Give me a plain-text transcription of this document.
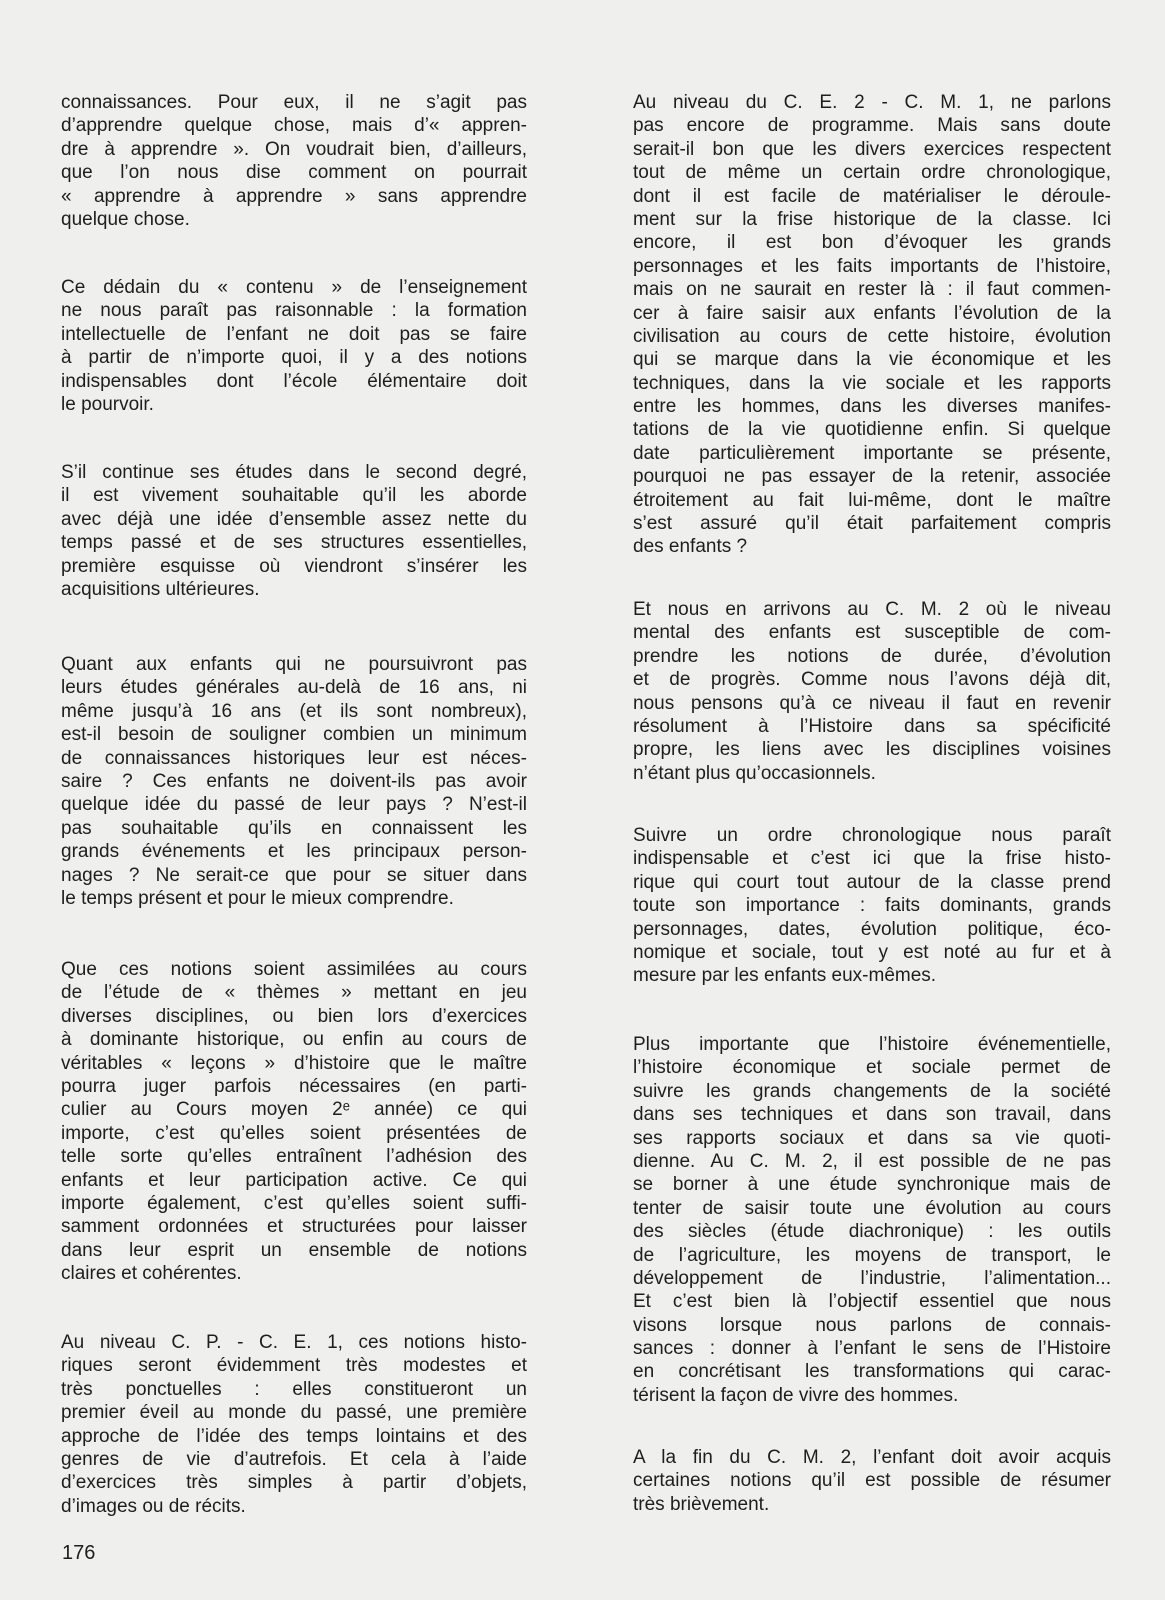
connaissances. Pour eux, il ne s’agit pas
d’apprendre quelque chose, mais d’« appren-
dre à apprendre ». On voudrait bien, d’ailleurs,
que l’on nous dise comment on pourrait
« apprendre à apprendre » sans apprendre
quelque chose.
Ce dédain du « contenu » de l’enseignement
ne nous paraît pas raisonnable : la formation
intellectuelle de l’enfant ne doit pas se faire
à partir de n’importe quoi, il y a des notions
indispensables dont l’école élémentaire doit
le pourvoir.
S’il continue ses études dans le second degré,
il est vivement souhaitable qu’il les aborde
avec déjà une idée d’ensemble assez nette du
temps passé et de ses structures essentielles,
première esquisse où viendront s’insérer les
acquisitions ultérieures.
Quant aux enfants qui ne poursuivront pas
leurs études générales au-delà de 16 ans, ni
même jusqu’à 16 ans (et ils sont nombreux),
est-il besoin de souligner combien un minimum
de connaissances historiques leur est néces-
saire ? Ces enfants ne doivent-ils pas avoir
quelque idée du passé de leur pays ? N’est-il
pas souhaitable qu’ils en connaissent les
grands événements et les principaux person-
nages ? Ne serait-ce que pour se situer dans
le temps présent et pour le mieux comprendre.
Que ces notions soient assimilées au cours
de l’étude de « thèmes » mettant en jeu
diverses disciplines, ou bien lors d’exercices
à dominante historique, ou enfin au cours de
véritables « leçons » d’histoire que le maître
pourra juger parfois nécessaires (en parti-
culier au Cours moyen 2ᵉ année) ce qui
importe, c’est qu’elles soient présentées de
telle sorte qu’elles entraînent l’adhésion des
enfants et leur participation active. Ce qui
importe également, c’est qu’elles soient suffi-
samment ordonnées et structurées pour laisser
dans leur esprit un ensemble de notions
claires et cohérentes.
Au niveau C. P. - C. E. 1, ces notions histo-
riques seront évidemment très modestes et
très ponctuelles : elles constitueront un
premier éveil au monde du passé, une première
approche de l’idée des temps lointains et des
genres de vie d’autrefois. Et cela à l’aide
d’exercices très simples à partir d’objets,
d’images ou de récits.
Au niveau du C. E. 2 - C. M. 1, ne parlons
pas encore de programme. Mais sans doute
serait-il bon que les divers exercices respectent
tout de même un certain ordre chronologique,
dont il est facile de matérialiser le déroule-
ment sur la frise historique de la classe. Ici
encore, il est bon d’évoquer les grands
personnages et les faits importants de l’histoire,
mais on ne saurait en rester là : il faut commen-
cer à faire saisir aux enfants l’évolution de la
civilisation au cours de cette histoire, évolution
qui se marque dans la vie économique et les
techniques, dans la vie sociale et les rapports
entre les hommes, dans les diverses manifes-
tations de la vie quotidienne enfin. Si quelque
date particulièrement importante se présente,
pourquoi ne pas essayer de la retenir, associée
étroitement au fait lui-même, dont le maître
s’est assuré qu’il était parfaitement compris
des enfants ?
Et nous en arrivons au C. M. 2 où le niveau
mental des enfants est susceptible de com-
prendre les notions de durée, d’évolution
et de progrès. Comme nous l’avons déjà dit,
nous pensons qu’à ce niveau il faut en revenir
résolument à l’Histoire dans sa spécificité
propre, les liens avec les disciplines voisines
n’étant plus qu’occasionnels.
Suivre un ordre chronologique nous paraît
indispensable et c’est ici que la frise histo-
rique qui court tout autour de la classe prend
toute son importance : faits dominants, grands
personnages, dates, évolution politique, éco-
nomique et sociale, tout y est noté au fur et à
mesure par les enfants eux-mêmes.
Plus importante que l’histoire événementielle,
l’histoire économique et sociale permet de
suivre les grands changements de la société
dans ses techniques et dans son travail, dans
ses rapports sociaux et dans sa vie quoti-
dienne. Au C. M. 2, il est possible de ne pas
se borner à une étude synchronique mais de
tenter de saisir toute une évolution au cours
des siècles (étude diachronique) : les outils
de l’agriculture, les moyens de transport, le
développement de l’industrie, l’alimentation...
Et c’est bien là l’objectif essentiel que nous
visons lorsque nous parlons de connais-
sances : donner à l’enfant le sens de l’Histoire
en concrétisant les transformations qui carac-
térisent la façon de vivre des hommes.
A la fin du C. M. 2, l’enfant doit avoir acquis
certaines notions qu’il est possible de résumer
très brièvement.
176
